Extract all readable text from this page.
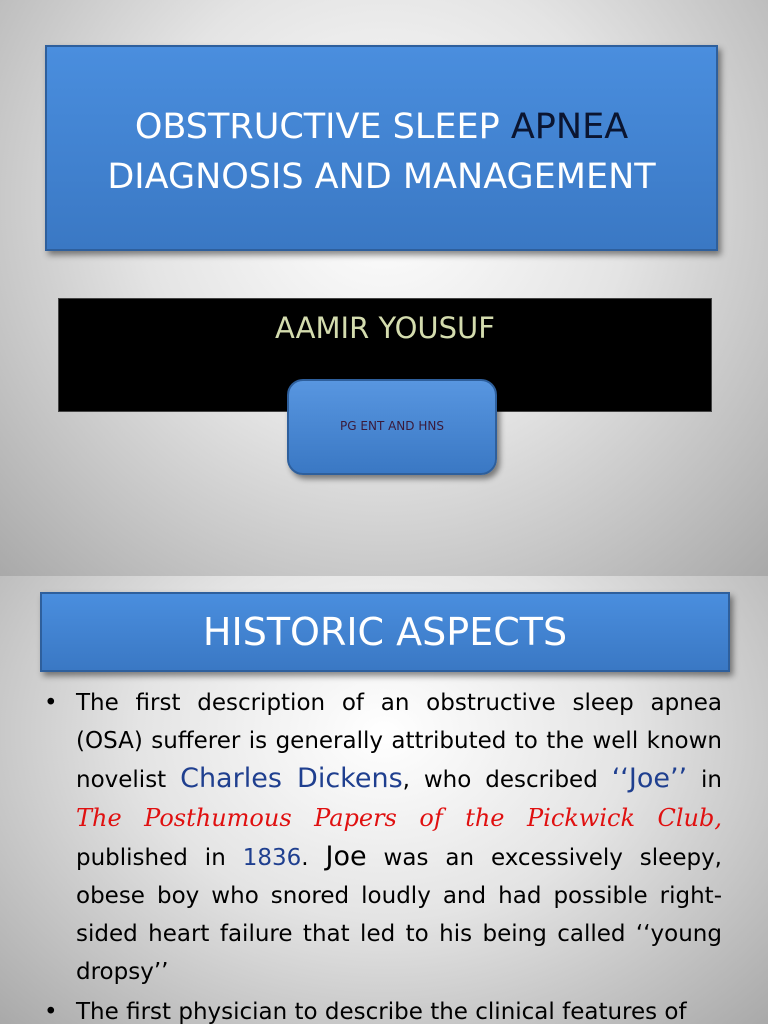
OBSTRUCTIVE SLEEP APNEA
DIAGNOSIS AND MANAGEMENT
AAMIR YOUSUF
PG ENT AND HNS
HISTORIC ASPECTS
• The first description of an obstructive sleep apnea (OSA) sufferer is generally attributed to the well known novelist Charles Dickens, who described ‘‘Joe’’ in The Posthumous Papers of the Pickwick Club, published in 1836. Joe was an excessively sleepy, obese boy who snored loudly and had possible right-sided heart failure that led to his being called ‘‘young dropsy’’
• The first physician to describe the clinical features of
